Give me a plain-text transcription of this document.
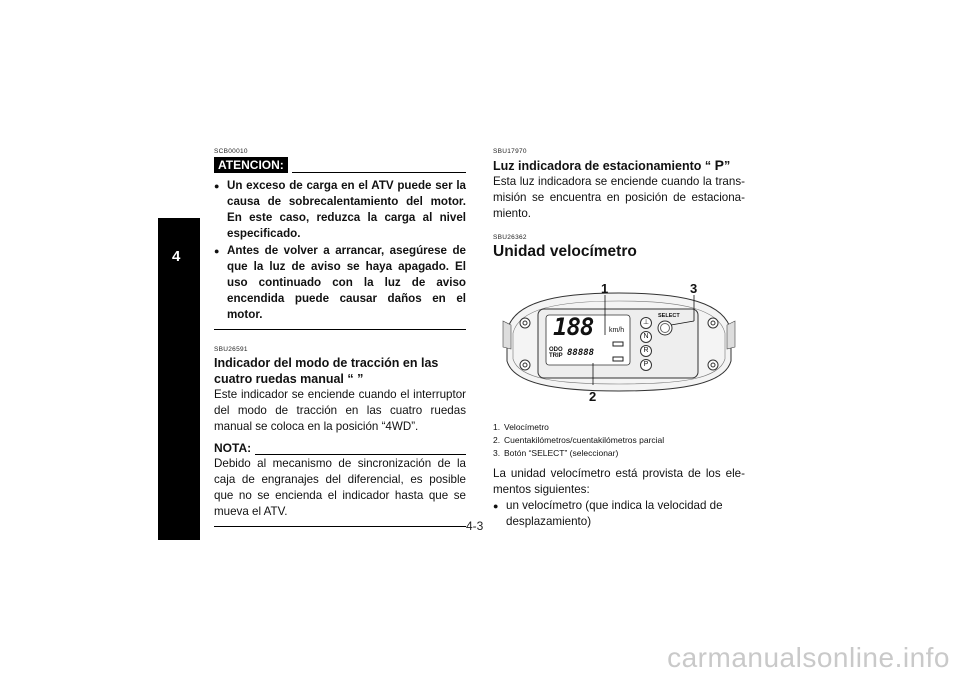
4
SCB00010
ATENCION:
● Un exceso de carga en el ATV puede ser la causa de sobrecalentamiento del motor. En este caso, reduzca la carga al nivel especificado.
● Antes de volver a arrancar, asegúrese de que la luz de aviso se haya apagado. El uso continuado con la luz de aviso encendida puede causar daños en el motor.
SBU26591
Indicador del modo de tracción en las cuatro ruedas manual “ ”

Este indicador se enciende cuando el interruptor del modo de tracción en las cuatro ruedas manual se coloca en la posición “4WD”.

NOTA:

Debido al mecanismo de sincronización de la caja de engranajes del diferencial, es posible que no se encienda el indicador hasta que se mueva el ATV.

SBU17970
Luz indicadora de estacionamiento “ P”

Esta luz indicadora se enciende cuando la transmisión se encuentra en posición de estacionamiento.

SBU26362
Unidad velocímetro
1
2
3
188 km/h
ODO
TRIP 88888
⊥
N
R
P
SELECT
1. Velocímetro
2. Cuentakilómetros/cuentakilómetros parcial
3. Botón “SELECT” (seleccionar)

La unidad velocímetro está provista de los elementos siguientes:

● un velocímetro (que indica la velocidad de desplazamiento)
4-3
carmanualsonline.info
